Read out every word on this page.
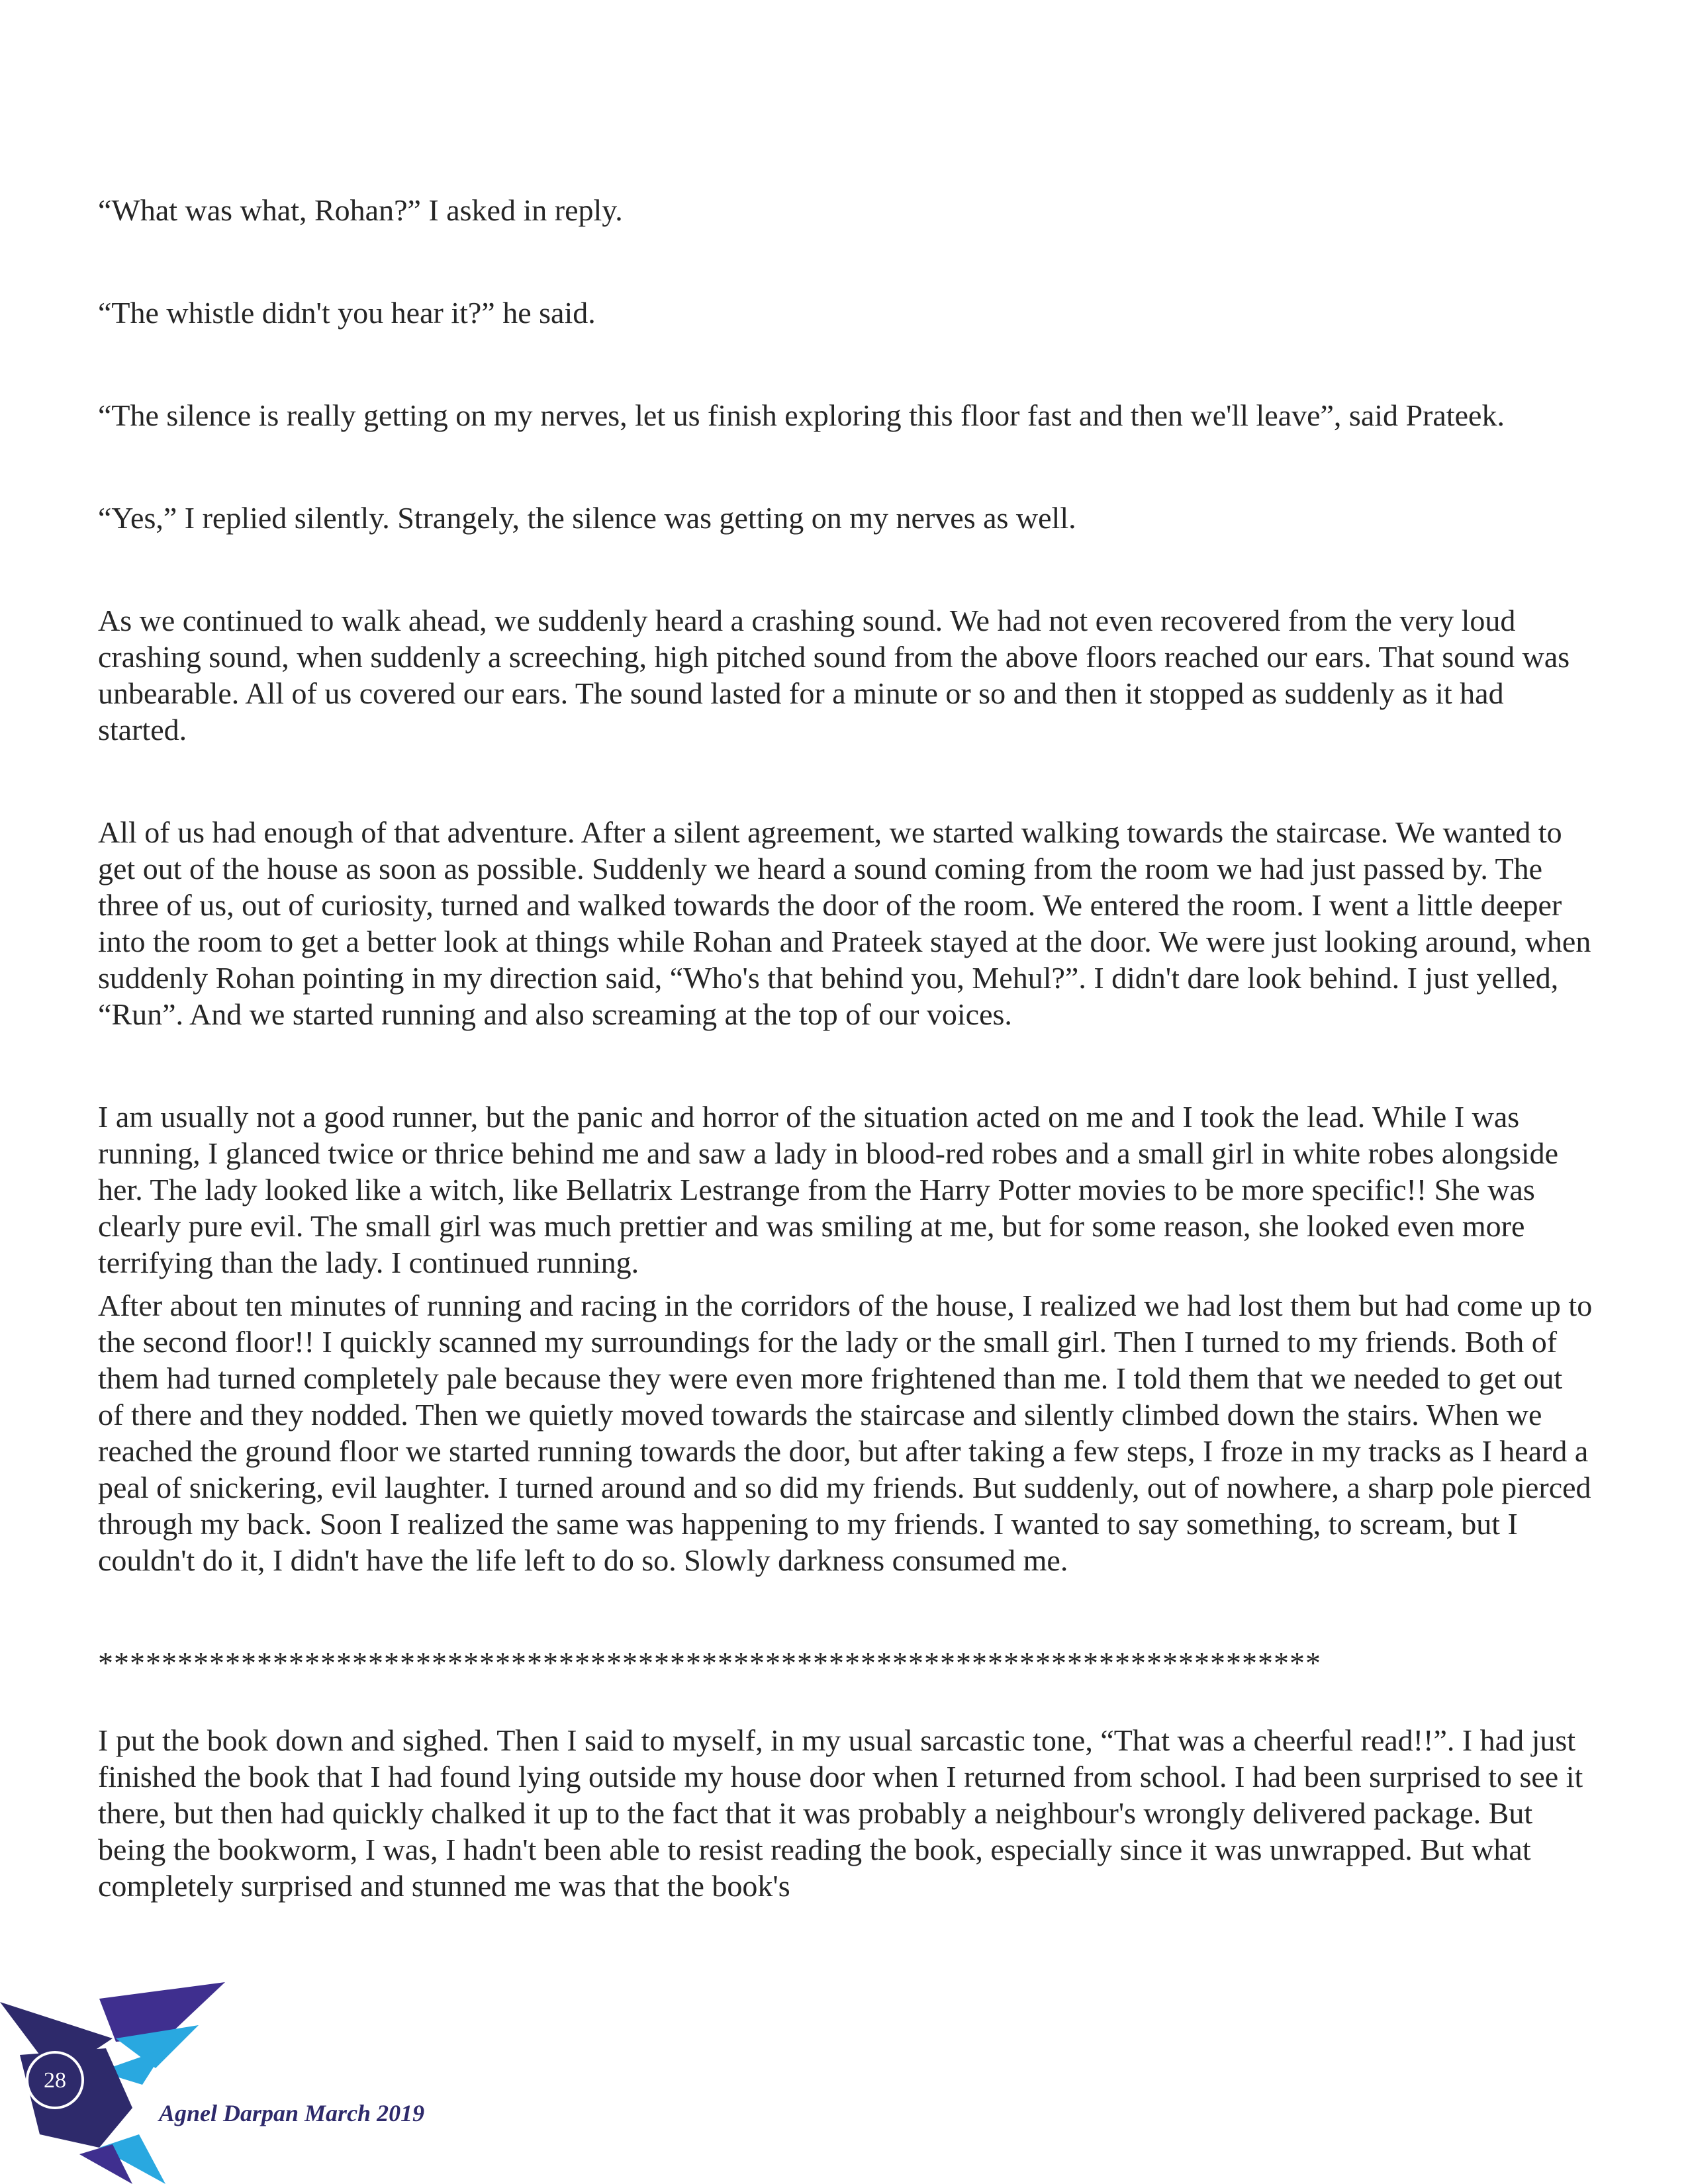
“What was what, Rohan?” I asked in reply.

“The whistle didn't you hear it?” he said.

“The silence is really getting on my nerves, let us finish exploring this floor fast and then we'll leave”, said Prateek.

“Yes,” I replied silently. Strangely, the silence was getting on my nerves as well.

As we continued to walk ahead, we suddenly heard a crashing sound. We had not even recovered from the very loud crashing sound, when suddenly a screeching, high pitched sound from the above floors reached our ears. That sound was unbearable. All of us covered our ears. The sound lasted for a minute or so and then it stopped as suddenly as it had started.

All of us had enough of that adventure. After a silent agreement, we started walking towards the staircase. We wanted to get out of the house as soon as possible. Suddenly we heard a sound coming from the room we had just passed by. The three of us, out of curiosity, turned and walked towards the door of the room. We entered the room. I went a little deeper into the room to get a better look at things while Rohan and Prateek stayed at the door. We were just looking around, when suddenly Rohan pointing in my direction said, “Who's that behind you, Mehul?”. I didn't dare look behind. I just yelled, “Run”. And we started running and also screaming at the top of our voices.

I am usually not a good runner, but the panic and horror of the situation acted on me and I took the lead. While I was running, I glanced twice or thrice behind me and saw a lady in blood-red robes and a small girl in white robes alongside her. The lady looked like a witch, like Bellatrix Lestrange from the Harry Potter movies to be more specific!! She was clearly pure evil. The small girl was much prettier and was smiling at me, but for some reason, she looked even more terrifying than the lady. I continued running.

After about ten minutes of running and racing in the corridors of the house, I realized we had lost them but had come up to the second floor!! I quickly scanned my surroundings for the lady or the small girl. Then I turned to my friends. Both of them had turned completely pale because they were even more frightened than me. I told them that we needed to get out of there and they nodded. Then we quietly moved towards the staircase and silently climbed down the stairs. When we reached the ground floor we started running towards the door, but after taking a few steps, I froze in my tracks as I heard a peal of snickering, evil laughter. I turned around and so did my friends. But suddenly, out of nowhere, a sharp pole pierced through my back. Soon I realized the same was happening to my friends. I wanted to say something, to scream, but I couldn't do it, I didn't have the life left to do so. Slowly darkness consumed me.

*****************************************************************************

I put the book down and sighed. Then I said to myself, in my usual sarcastic tone, “That was a cheerful read!!”. I had just finished the book that I had found lying outside my house door when I returned from school. I had been surprised to see it there, but then had quickly chalked it up to the fact that it was probably a neighbour's wrongly delivered package. But being the bookworm, I was, I hadn't been able to resist reading the book, especially since it was unwrapped. But what completely surprised and stunned me was that the book's

28
Agnel Darpan March 2019
